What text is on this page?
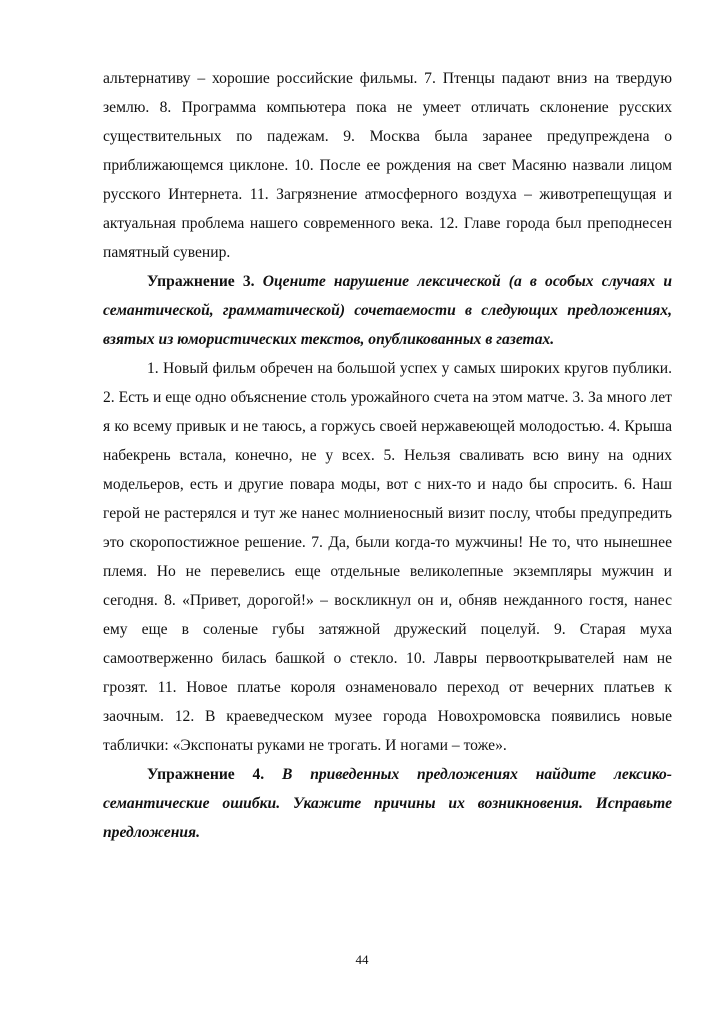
альтернативу – хорошие российские фильмы. 7. Птенцы падают вниз на твердую землю. 8. Программа компьютера пока не умеет отличать склонение русских существительных по падежам. 9. Москва была заранее предупреждена о приближающемся циклоне. 10. После ее рождения на свет Масяню назвали лицом русского Интернета. 11. Загрязнение атмосферного воздуха – животрепещущая и актуальная проблема нашего современного века. 12. Главе города был преподнесен памятный сувенир.

Упражнение 3. Оцените нарушение лексической (а в особых случаях и семантической, грамматической) сочетаемости в следующих предложениях, взятых из юмористических текстов, опубликованных в газетах.

1. Новый фильм обречен на большой успех у самых широких кругов публики. 2. Есть и еще одно объяснение столь урожайного счета на этом матче. 3. За много лет я ко всему привык и не таюсь, а горжусь своей нержавеющей молодостью. 4. Крыша набекрень встала, конечно, не у всех. 5. Нельзя сваливать всю вину на одних модельеров, есть и другие повара моды, вот с них-то и надо бы спросить. 6. Наш герой не растерялся и тут же нанес молниеносный визит послу, чтобы предупредить это скоропостижное решение. 7. Да, были когда-то мужчины! Не то, что нынешнее племя. Но не перевелись еще отдельные великолепные экземпляры мужчин и сегодня. 8. «Привет, дорогой!» – воскликнул он и, обняв нежданного гостя, нанес ему еще в соленые губы затяжной дружеский поцелуй. 9. Старая муха самоотверженно билась башкой о стекло. 10. Лавры первооткрывателей нам не грозят. 11. Новое платье короля ознаменовало переход от вечерних платьев к заочным. 12. В краеведческом музее города Новохромовска появились новые таблички: «Экспонаты руками не трогать. И ногами – тоже».

Упражнение 4. В приведенных предложениях найдите лексико-семантические ошибки. Укажите причины их возникновения. Исправьте предложения.

44
